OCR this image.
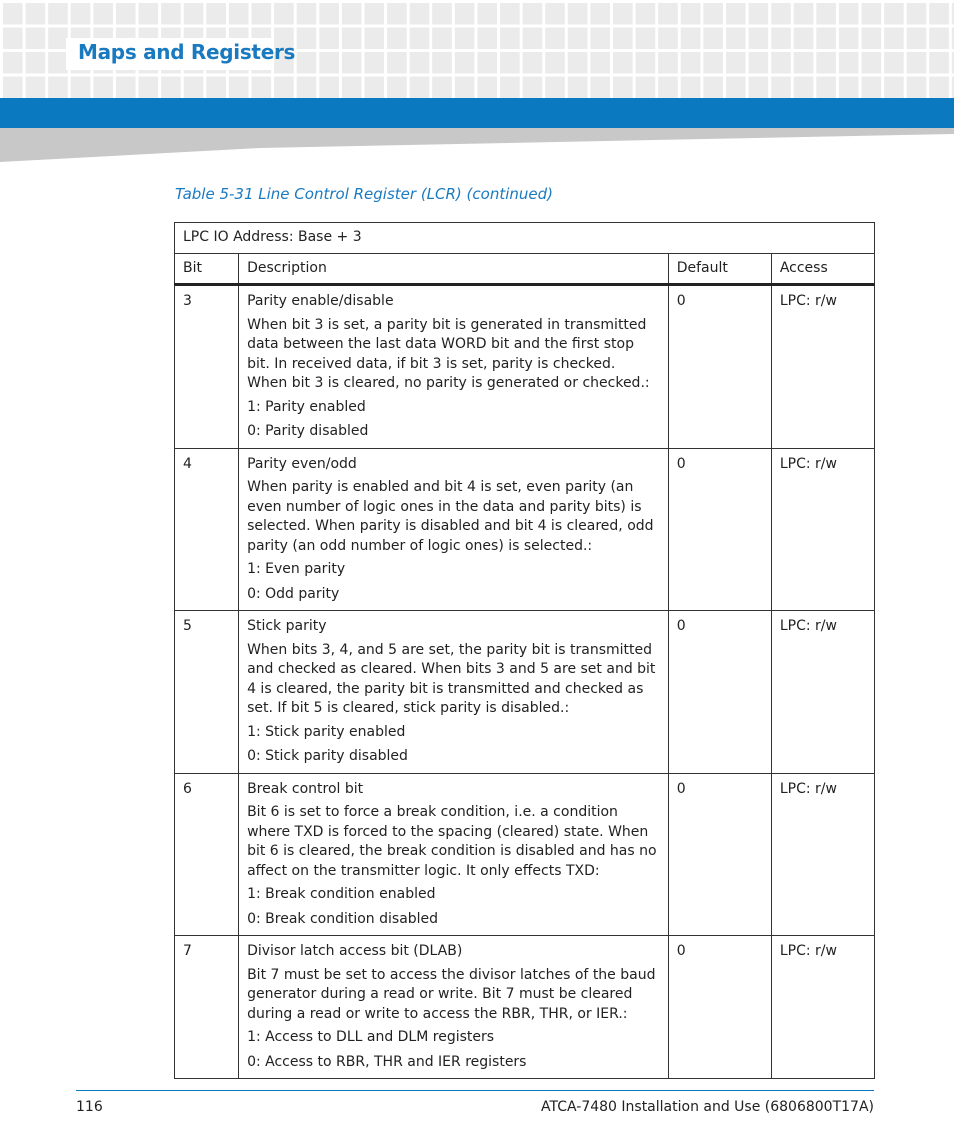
Maps and Registers
Table 5-31 Line Control Register (LCR) (continued)
LPC IO Address: Base + 3			
Bit	Description	Default	Access
3	Parity enable/disable
When bit 3 is set, a parity bit is generated in transmitted data between the last data WORD bit and the first stop bit. In received data, if bit 3 is set, parity is checked. When bit 3 is cleared, no parity is generated or checked.:
1: Parity enabled
0: Parity disabled	0	LPC: r/w
4	Parity even/odd
When parity is enabled and bit 4 is set, even parity (an even number of logic ones in the data and parity bits) is selected. When parity is disabled and bit 4 is cleared, odd parity (an odd number of logic ones) is selected.:
1: Even parity
0: Odd parity	0	LPC: r/w
5	Stick parity
When bits 3, 4, and 5 are set, the parity bit is transmitted and checked as cleared. When bits 3 and 5 are set and bit 4 is cleared, the parity bit is transmitted and checked as set. If bit 5 is cleared, stick parity is disabled.:
1: Stick parity enabled
0: Stick parity disabled	0	LPC: r/w
6	Break control bit
Bit 6 is set to force a break condition, i.e. a condition where TXD is forced to the spacing (cleared) state. When bit 6 is cleared, the break condition is disabled and has no affect on the transmitter logic. It only effects TXD:
1: Break condition enabled
0: Break condition disabled	0	LPC: r/w
7	Divisor latch access bit (DLAB)
Bit 7 must be set to access the divisor latches of the baud generator during a read or write. Bit 7 must be cleared during a read or write to access the RBR, THR, or IER.:
1: Access to DLL and DLM registers
0: Access to RBR, THR and IER registers	0	LPC: r/w
116	ATCA-7480 Installation and Use (6806800T17A)
